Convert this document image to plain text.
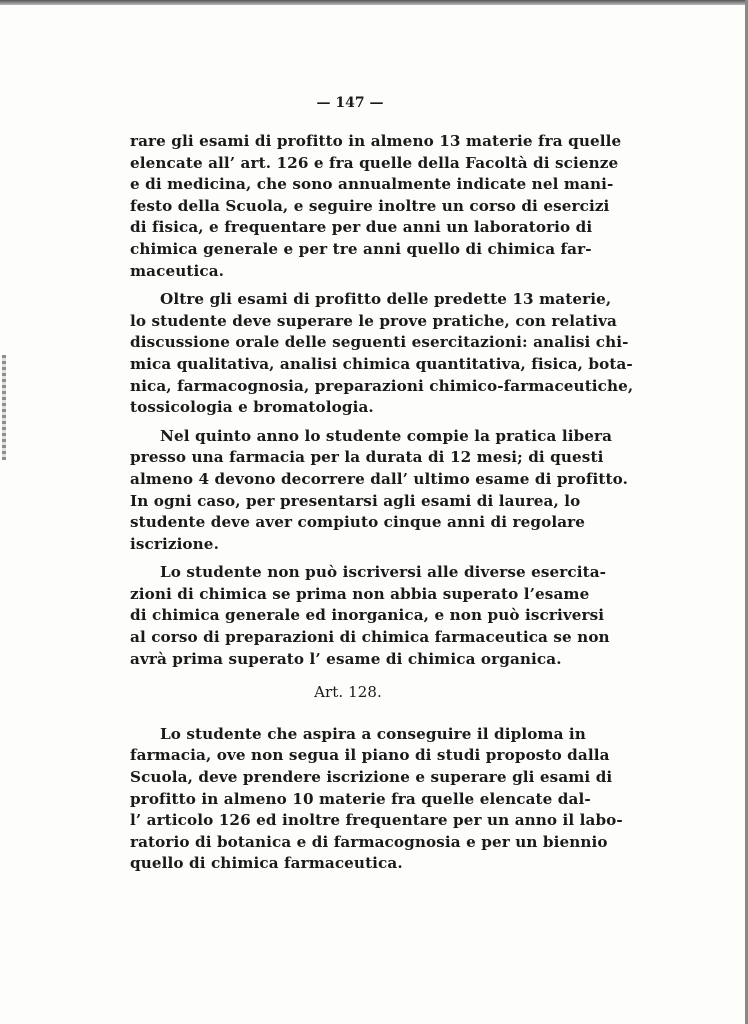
— 147 —
rare gli esami di profitto in almeno 13 materie fra quelle
elencate all’ art. 126 e fra quelle della Facoltà di scienze
e di medicina, che sono annualmente indicate nel mani-
festo della Scuola, e seguire inoltre un corso di esercizi
di fisica, e frequentare per due anni un laboratorio di
chimica generale e per tre anni quello di chimica far-
maceutica.
Oltre gli esami di profitto delle predette 13 materie,
lo studente deve superare le prove pratiche, con relativa
discussione orale delle seguenti esercitazioni: analisi chi-
mica qualitativa, analisi chimica quantitativa, fisica, bota-
nica, farmacognosia, preparazioni chimico-farmaceutiche,
tossicologia e bromatologia.
Nel quinto anno lo studente compie la pratica libera
presso una farmacia per la durata di 12 mesi; di questi
almeno 4 devono decorrere dall’ ultimo esame di profitto.
In ogni caso, per presentarsi agli esami di laurea, lo
studente deve aver compiuto cinque anni di regolare
iscrizione.
Lo studente non può iscriversi alle diverse esercita-
zioni di chimica se prima non abbia superato l’esame
di chimica generale ed inorganica, e non può iscriversi
al corso di preparazioni di chimica farmaceutica se non
avrà prima superato l’ esame di chimica organica.
Art. 128.
Lo studente che aspira a conseguire il diploma in
farmacia, ove non segua il piano di studi proposto dalla
Scuola, deve prendere iscrizione e superare gli esami di
profitto in almeno 10 materie fra quelle elencate dal-
l’ articolo 126 ed inoltre frequentare per un anno il labo-
ratorio di botanica e di farmacognosia e per un biennio
quello di chimica farmaceutica.
